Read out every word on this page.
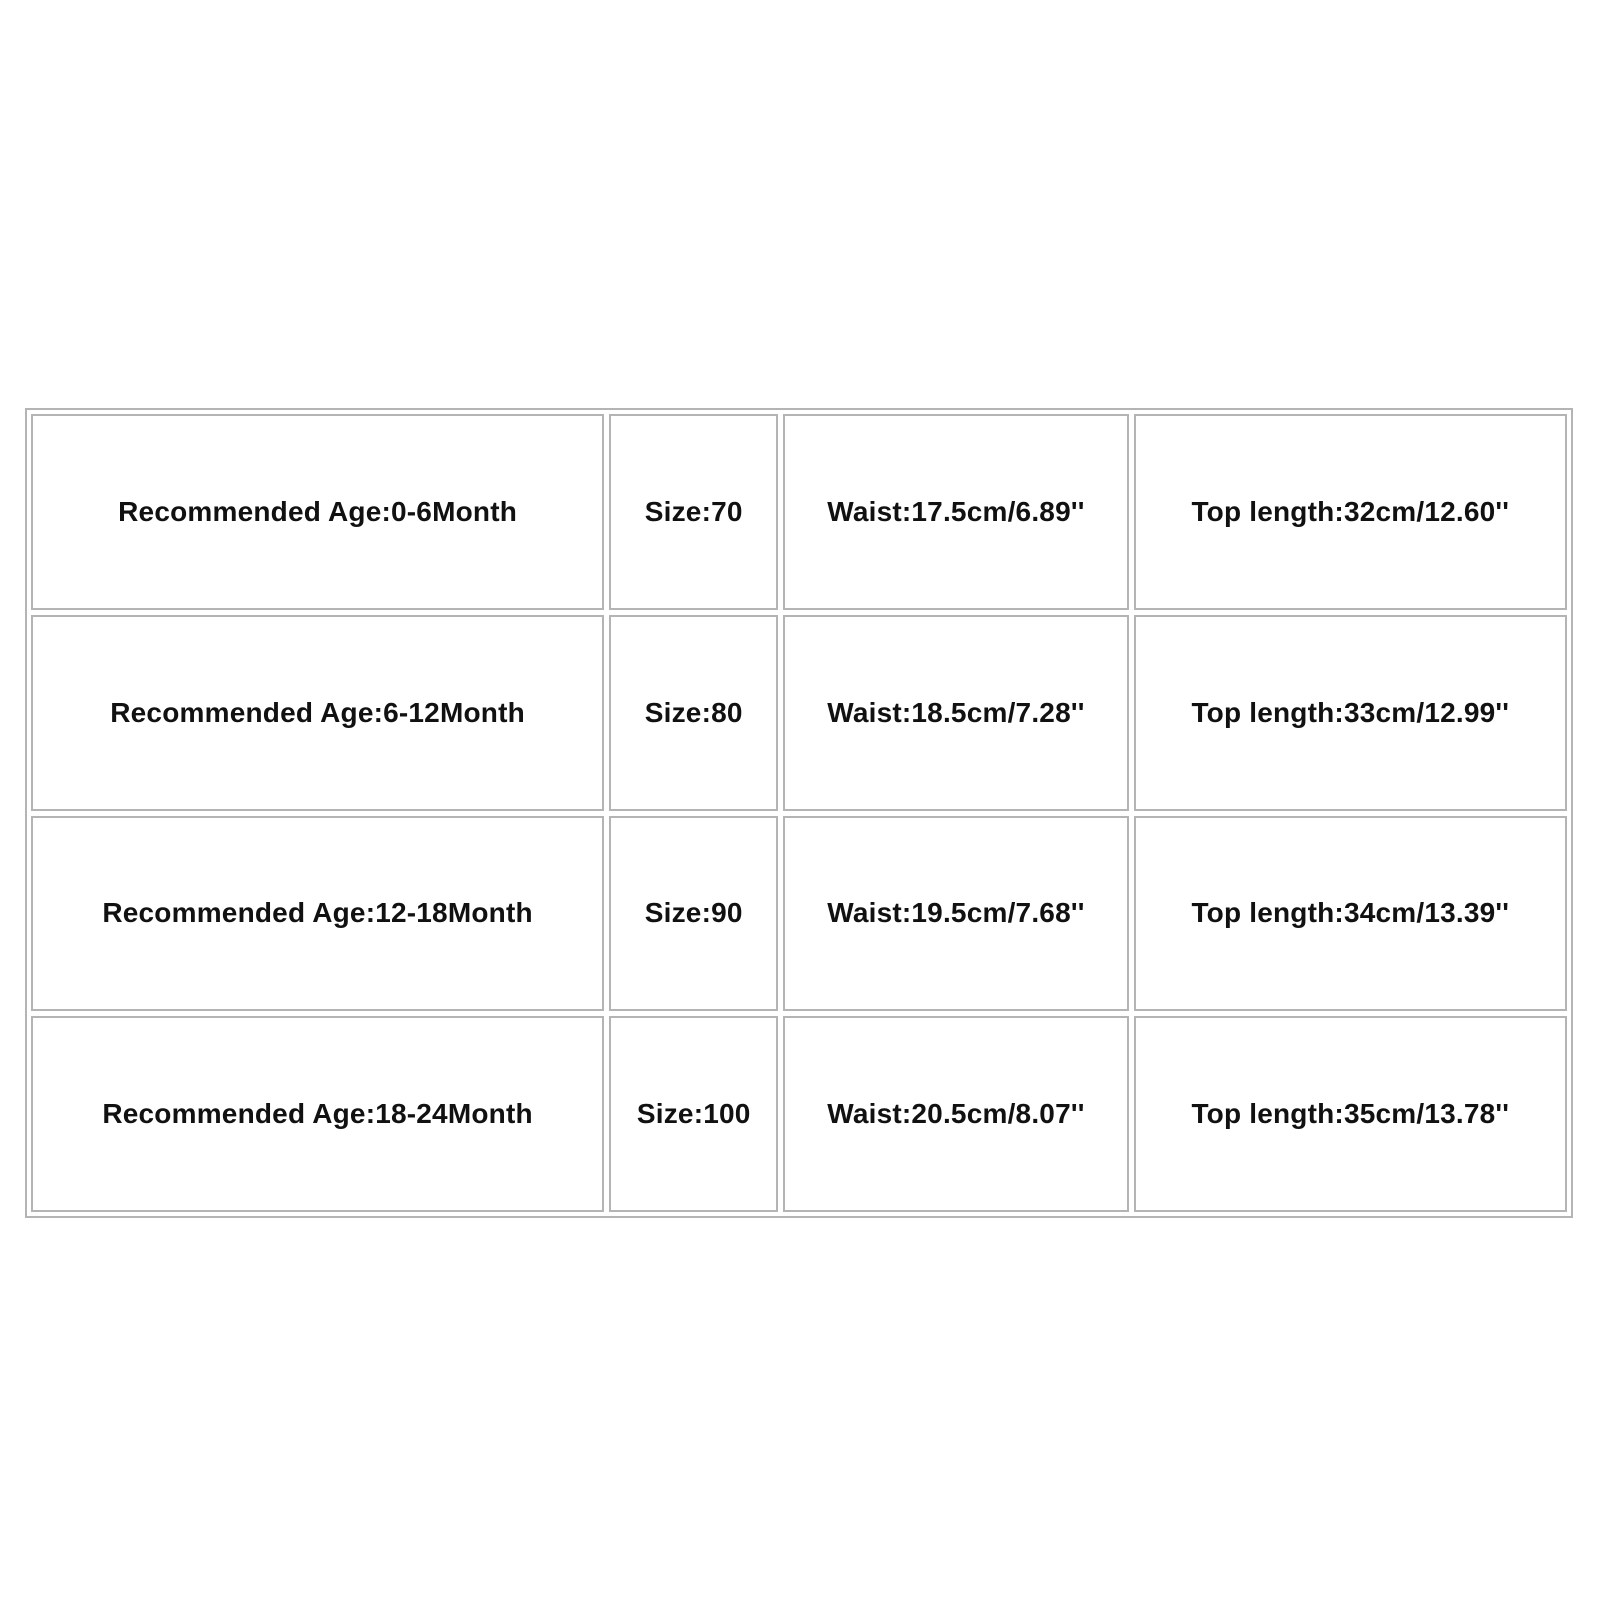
Recommended Age:0-6Month	Size:70	Waist:17.5cm/6.89''	Top length:32cm/12.60''
Recommended Age:6-12Month	Size:80	Waist:18.5cm/7.28''	Top length:33cm/12.99''
Recommended Age:12-18Month	Size:90	Waist:19.5cm/7.68''	Top length:34cm/13.39''
Recommended Age:18-24Month	Size:100	Waist:20.5cm/8.07''	Top length:35cm/13.78''
